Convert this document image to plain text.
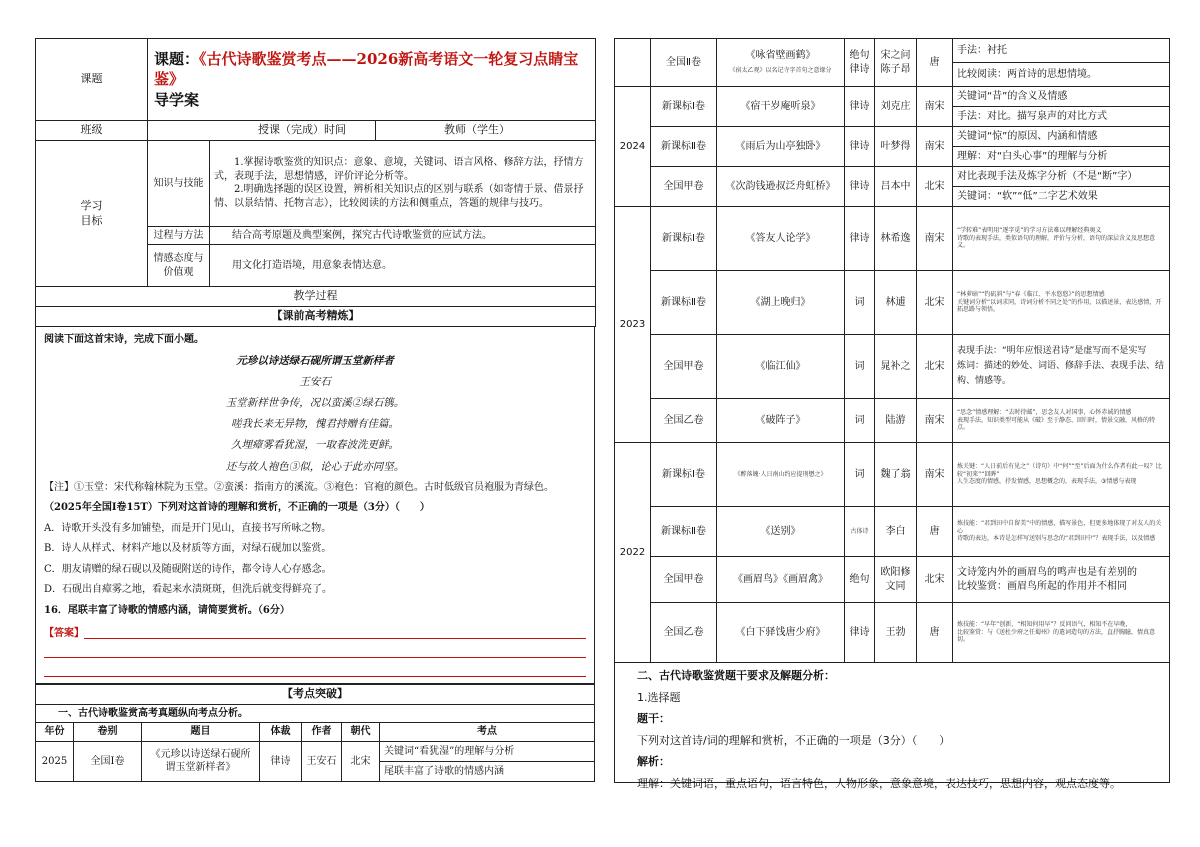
课题	课题：《古代诗歌鉴赏考点——2026新高考语文一轮复习点睛宝鉴》
导学案		
班级	授课（完成）时间		教师（学生）
学习目标	知识与技能	1.掌握诗歌鉴赏的知识点：意象、意境，关键词、语言风格、修辞方法，抒情方式，表现手法，思想情感，评价评论分析等。
2.明确选择题的误区设置，辨析相关知识点的区别与联系（如寄情于景、借景抒情、以景结情、托物言志），比较阅读的方法和侧重点，答题的规律与技巧。	

	过程与方法	结合高考原题及典型案例，探究古代诗歌鉴赏的应试方法。	
	情感态度与价值观	用文化打造语境，用意象表情达意。	
教学过程			
【课前高考精炼】			

阅读下面这首宋诗，完成下面小题。

元珍以诗送绿石砚所谓玉堂新样者

王安石

玉堂新样世争传，况以蛮溪②绿石镌。

嗟我长来无异物，愧君持赠有佳篇。

久埋瘴雾看犹湿，一取春波洗更鲜。

还与故人袍色③似，论心于此亦同坚。

【注】①玉堂：宋代称翰林院为玉堂。②蛮溪：指南方的溪流。③袍色：官袍的颜色。古时低级官员袍服为青绿色。

（2025年全国Ⅰ卷15T）下列对这首诗的理解和赏析，不正确的一项是（3分）（　　）

A．诗歌开头没有多加铺垫，而是开门见山，直接书写所咏之物。

B．诗人从样式、材料产地以及材质等方面，对绿石砚加以鉴赏。

C．朋友请赠的绿石砚以及随砚附送的诗作，都令诗人心存感念。

D．石砚出自瘴雾之地，看起来水渍斑斑，但洗后就变得鲜亮了。

16．尾联丰富了诗歌的情感内涵，请简要赏析。（6分）

【答案】
【考点突破】						
一、古代诗歌鉴赏高考真题纵向考点分析。						
年份	卷别	题目	体裁	作者	朝代	考点
2025	全国Ⅰ卷	《元珍以诗送绿石砚所谓玉堂新样者》	律诗	王安石	北宋	关键词“看犹湿”的理解与分析
						尾联丰富了诗歌的情感内涵
	全国Ⅱ卷	《咏省壁画鹤》
《宿太乙观》以名记寺字首句之意缘分	绝句律诗	宋之问陈子昂	唐	手法：衬托
						比较阅读：两首诗的思想情境。
2024	新课标Ⅰ卷	《宿干岁庵听泉》	律诗	刘克庄	南宋	关键词“昔”的含义及情感
						手法：对比。描写泉声的对比方式
	新课标Ⅱ卷	《雨后为山亭独卧》	律诗	叶梦得	南宋	关键词“惊”的原因、内涵和情感
						理解：对“白头心事”的理解与分析
	全国甲卷	《次韵钱逊叔泛舟虹桥》	律诗	吕本中	北宋	对比表现手法及炼字分析（不是“断”字）
						关键词：“软”“低”二字艺术效果
2023	新课标Ⅰ卷	《答友人论学》	律诗	林希逸	南宋	“学转难”表明用“逐字觅”的学习方法难以理解经典奥义
诗歌的表现手法，类似语句的理解，评价与分析，语句的深层含义及思想意义。

	新课标Ⅱ卷	《湖上晚归》	词	林逋	北宋	“林萝暗”“钓矶斜”与“春《临江、平水悠悠》”的思想情感
关键词分析“以词求同，诗词分析不同之处”的作用，以描述景，表达感情，开拓思路与领悟。

	全国甲卷	《临江仙》	词	晁补之	北宋	表现手法：“明年应恨送君诗”是虚写而不是实写
炼词：描述的妙处、词语、修辞手法、表现手法、结构、情感等。

	全国乙卷	《破阵子》	词	陆游	南宋	“思念”情感理解：“去时待邮”，思念友人对国事，心怀赤诚的情感
表现手法，知识类型可能从《破》至于静态、回归时，情景交融，风格的特点。

2022	新课标Ⅰ卷	《醉落魄·人日南山约应提刑懋之》	词	魏了翁	南宋	炼关键：“人日前后有见之”（诗句）中“何”“至”后面为什么作者有此一叹？比较“初来”“回眸”
人生态度的情感，抒发情感，思想概念的，表现手法，③情感与表现

	新课标Ⅱ卷	《送别》	古体诗	李白	唐	炼技能：“君到田中自留美”中的情感，描写景色，但更多地体现了对友人的关心
诗歌的表达，本诗是怎样写送别与思念的“君到田中”？表现手法，以及情感

	全国甲卷	《画眉鸟》《画眉禽》	绝句	欧阳修文同	北宋	文诗笼内外的画眉鸟的鸣声也是有差别的
比较鉴赏：画眉鸟所起的作用并不相同

	全国乙卷	《白下驿饯唐少府》	律诗	王勃	唐	炼技能：“早年”创新，“相知何用早”？反问语气，相知不在早晚，
比较鉴赏：与《送杜少府之任蜀州》的遣词造句的方法，直抒胸臆，情真意切。

二、古代诗歌鉴赏题干要求及解题分析：

1.选择题

题干：

下列对这首诗/词的理解和赏析，不正确的一项是（3分）（　　）

解析：

理解：关键词语，重点语句，语言特色，人物形象，意象意境，表达技巧，思想内容，观点态度等。
